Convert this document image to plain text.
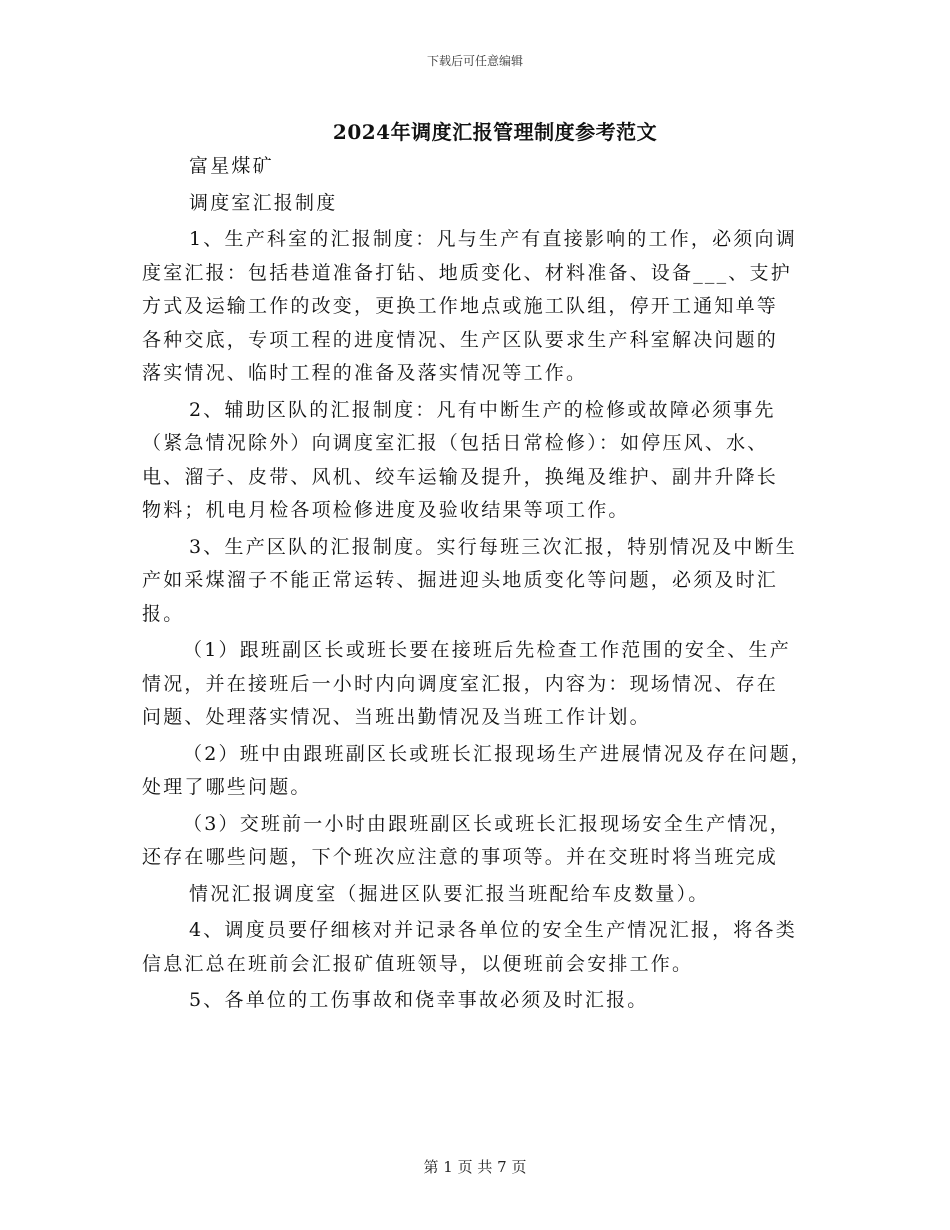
下载后可任意编辑
2024年调度汇报管理制度参考范文
富星煤矿
调度室汇报制度
1、生产科室的汇报制度：凡与生产有直接影响的工作，必须向调
度室汇报：包括巷道准备打钻、地质变化、材料准备、设备___、支护
方式及运输工作的改变，更换工作地点或施工队组，停开工通知单等
各种交底，专项工程的进度情况、生产区队要求生产科室解决问题的
落实情况、临时工程的准备及落实情况等工作。
2、辅助区队的汇报制度：凡有中断生产的检修或故障必须事先
（紧急情况除外）向调度室汇报（包括日常检修）：如停压风、水、
电、溜子、皮带、风机、绞车运输及提升，换绳及维护、副井升降长
物料；机电月检各项检修进度及验收结果等项工作。
3、生产区队的汇报制度。实行每班三次汇报，特别情况及中断生
产如采煤溜子不能正常运转、掘进迎头地质变化等问题，必须及时汇
报。
（1）跟班副区长或班长要在接班后先检查工作范围的安全、生产
情况，并在接班后一小时内向调度室汇报，内容为：现场情况、存在
问题、处理落实情况、当班出勤情况及当班工作计划。
（2）班中由跟班副区长或班长汇报现场生产进展情况及存在问题，
处理了哪些问题。
（3）交班前一小时由跟班副区长或班长汇报现场安全生产情况，
还存在哪些问题，下个班次应注意的事项等。并在交班时将当班完成
情况汇报调度室（掘进区队要汇报当班配给车皮数量）。
4、调度员要仔细核对并记录各单位的安全生产情况汇报，将各类
信息汇总在班前会汇报矿值班领导，以便班前会安排工作。
5、各单位的工伤事故和侥幸事故必须及时汇报。
第 1 页 共 7 页
